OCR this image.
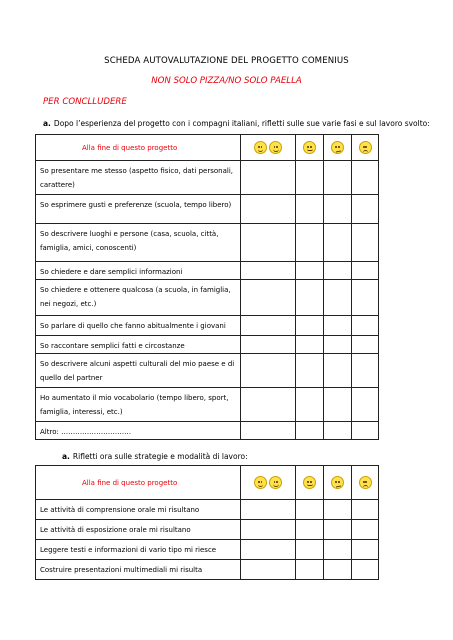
SCHEDA AUTOVALUTAZIONE DEL PROGETTO COMENIUS
NON SOLO PIZZA/NO SOLO PAELLA
PER CONCLLUDERE
a. Dopo l’esperienza del progetto con i compagni italiani, rifletti sulle sue varie fasi e sul lavoro svolto:
Alla fine di questo progetto	

So presentare me stesso (aspetto fisico, dati personali, carattere)				
So esprimere gusti e preferenze (scuola, tempo libero)				
So descrivere luoghi e persone (casa, scuola, città, famiglia, amici, conoscenti)				
So chiedere e dare semplici informazioni				
So chiedere e ottenere qualcosa (a scuola, in famiglia, nei negozi, etc.)				
So parlare di quello che fanno abitualmente i giovani				
So raccontare semplici fatti e circostanze				
So descrivere alcuni aspetti culturali del mio paese e di quello del partner				
Ho aumentato il mio vocabolario (tempo libero, sport, famiglia, interessi, etc.)				
Altro: …………………………				
a. Rifletti ora sulle strategie e modalità di lavoro:
Alla fine di questo progetto	

Le attività di comprensione orale mi risultano				
Le attività di esposizione orale mi risultano				
Leggere testi e informazioni di vario tipo mi riesce				
Costruire presentazioni multimediali mi risulta				
